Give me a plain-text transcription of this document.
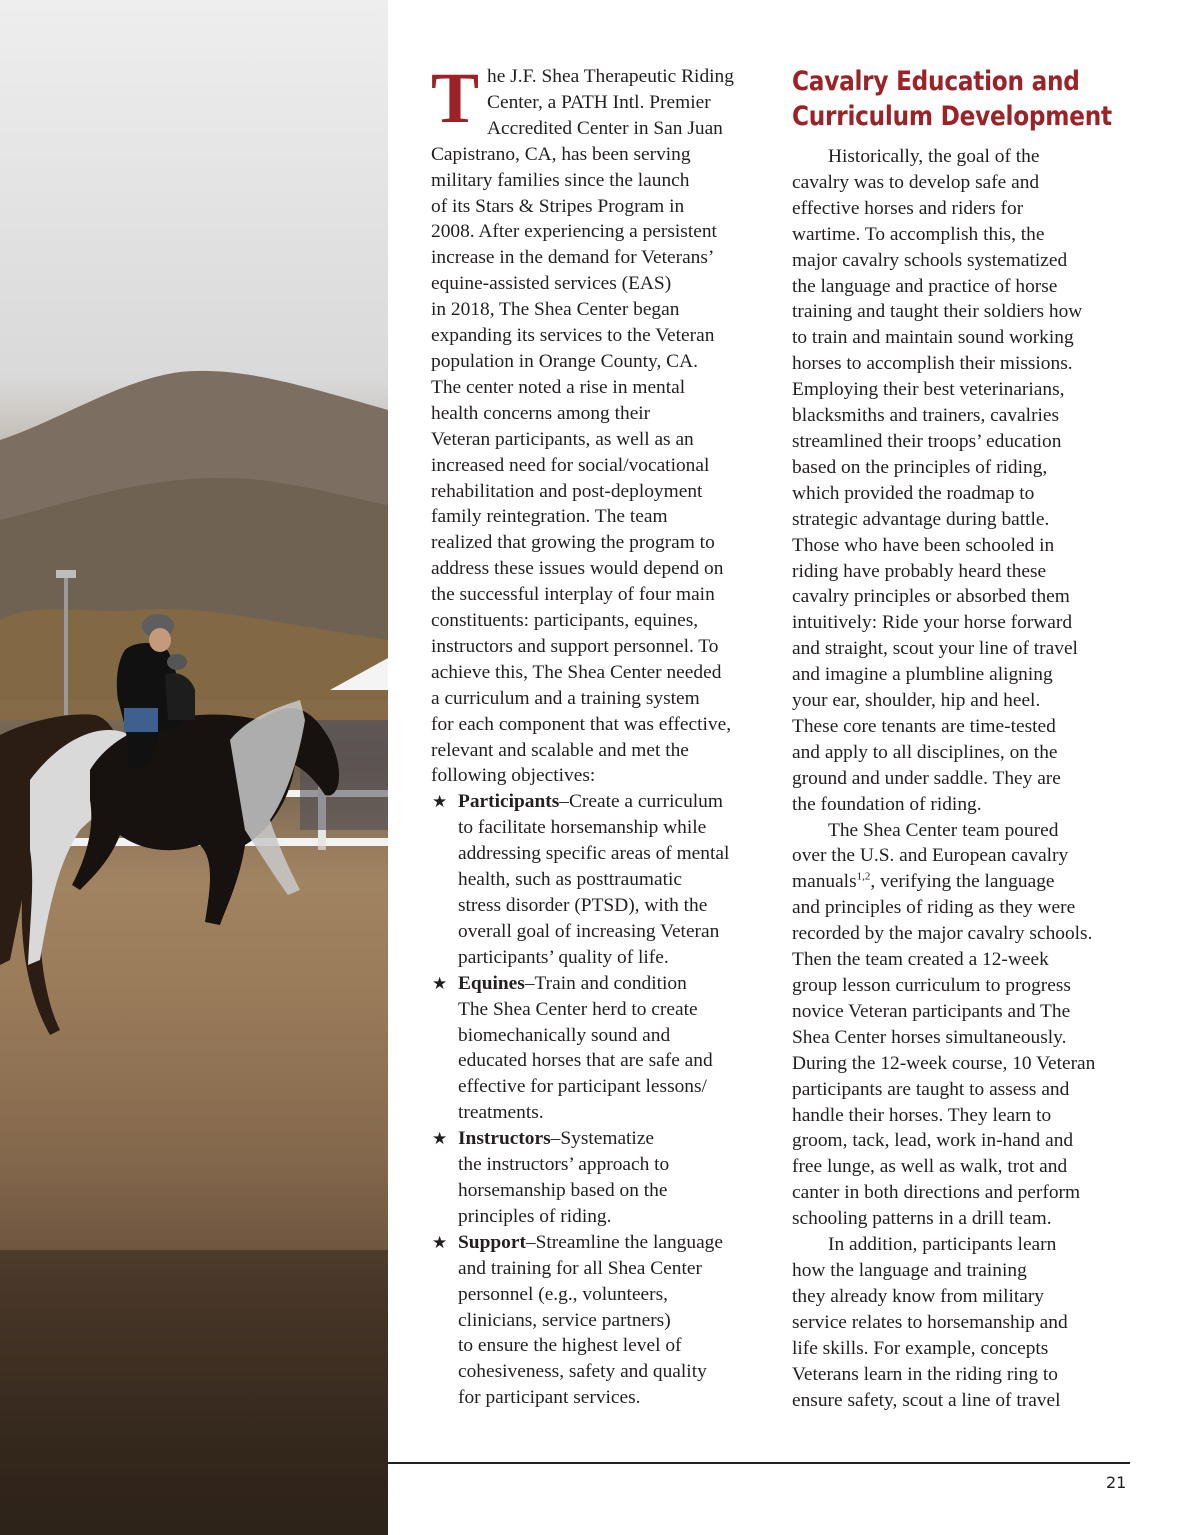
The J.F. Shea Therapeutic Riding
Center, a PATH Intl. Premier
Accredited Center in San Juan
Capistrano, CA, has been serving
military families since the launch
of its Stars & Stripes Program in
2008. After experiencing a persistent
increase in the demand for Veterans’
equine-assisted services (EAS)
in 2018, The Shea Center began
expanding its services to the Veteran
population in Orange County, CA.
The center noted a rise in mental
health concerns among their
Veteran participants, as well as an
increased need for social/vocational
rehabilitation and post-deployment
family reintegration. The team
realized that growing the program to
address these issues would depend on
the successful interplay of four main
constituents: participants, equines,
instructors and support personnel. To
achieve this, The Shea Center needed
a curriculum and a training system
for each component that was effective,
relevant and scalable and met the
following objectives:

★ Participants–Create a curriculum
to facilitate horsemanship while
addressing specific areas of mental
health, such as posttraumatic
stress disorder (PTSD), with the
overall goal of increasing Veteran
participants’ quality of life.
★ Equines–Train and condition
The Shea Center herd to create
biomechanically sound and
educated horses that are safe and
effective for participant lessons/
treatments.
★ Instructors–Systematize
the instructors’ approach to
horsemanship based on the
principles of riding.
★ Support–Streamline the language
and training for all Shea Center
personnel (e.g., volunteers,
clinicians, service partners)
to ensure the highest level of
cohesiveness, safety and quality
for participant services.
Cavalry Education and
Curriculum Development

Historically, the goal of the
cavalry was to develop safe and
effective horses and riders for
wartime. To accomplish this, the
major cavalry schools systematized
the language and practice of horse
training and taught their soldiers how
to train and maintain sound working
horses to accomplish their missions.
Employing their best veterinarians,
blacksmiths and trainers, cavalries
streamlined their troops’ education
based on the principles of riding,
which provided the roadmap to
strategic advantage during battle.
Those who have been schooled in
riding have probably heard these
cavalry principles or absorbed them
intuitively: Ride your horse forward
and straight, scout your line of travel
and imagine a plumbline aligning
your ear, shoulder, hip and heel.
These core tenants are time-tested
and apply to all disciplines, on the
ground and under saddle. They are
the foundation of riding.

The Shea Center team poured
over the U.S. and European cavalry
manuals$^{1,2}$, verifying the language
and principles of riding as they were
recorded by the major cavalry schools.
Then the team created a 12-week
group lesson curriculum to progress
novice Veteran participants and The
Shea Center horses simultaneously.
During the 12-week course, 10 Veteran
participants are taught to assess and
handle their horses. They learn to
groom, tack, lead, work in-hand and
free lunge, as well as walk, trot and
canter in both directions and perform
schooling patterns in a drill team.

In addition, participants learn
how the language and training
they already know from military
service relates to horsemanship and
life skills. For example, concepts
Veterans learn in the riding ring to
ensure safety, scout a line of travel

21
